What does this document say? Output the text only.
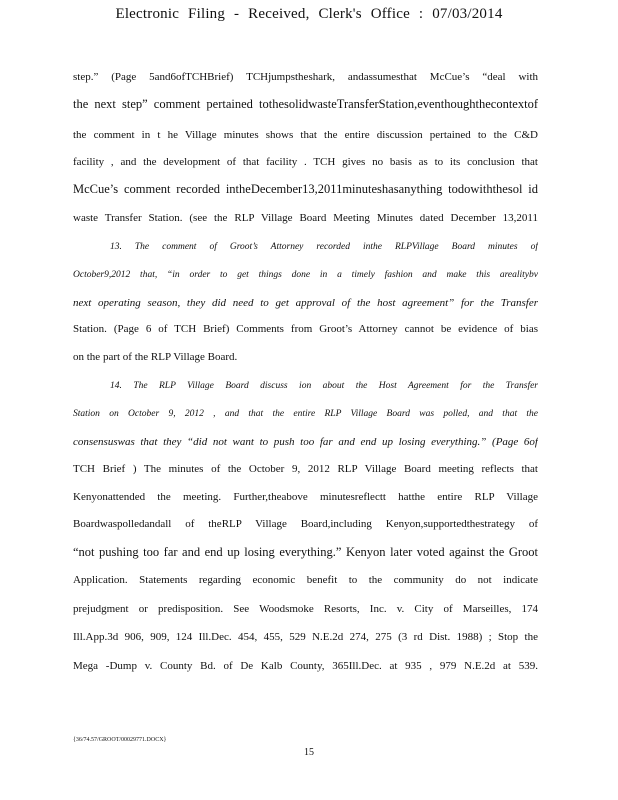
Electronic Filing - Received, Clerk's Office : 07/03/2014
step.” (Page 5and6ofTCHBrief) TCHjumpstheshark, andassumesthat McCue’s “deal with
the next step” comment pertained tothesolidwasteTransferStation,eventhoughthecontextof
the comment in t he Village minutes shows that the entire discussion pertained to the C&D
facility , and the development of that facility . TCH gives no basis as to its conclusion that
McCue’s comment recorded intheDecember13,2011minuteshasanything todowiththesol id
waste Transfer Station. (see the RLP Village Board Meeting Minutes dated December 13,2011
13. The comment of Groot’s Attorney recorded inthe RLPVillage Board minutes of
October9,2012 that, “in order to get things done in a timely fashion and make this arealitybv
next operating season, they did need to get approval of the host agreement” for the Transfer
Station. (Page 6 of TCH Brief) Comments from Groot’s Attorney cannot be evidence of bias
on the part of the RLP Village Board.
14. The RLP Village Board discuss ion about the Host Agreement for the Transfer
Station on October 9, 2012 , and that the entire RLP Village Board was polled, and that the
consensuswas that they “did not want to push too far and end up losing everything.” (Page 6of
TCH Brief ) The minutes of the October 9, 2012 RLP Village Board meeting reflects that
Kenyonattended the meeting. Further,theabove minutesreflectt hatthe entire RLP Village
Boardwaspolledandall of theRLP Village Board,including Kenyon,supportedthestrategy of
“not pushing too far and end up losing everything.” Kenyon later voted against the Groot
Application. Statements regarding economic benefit to the community do not indicate
prejudgment or predisposition. See Woodsmoke Resorts, Inc. v. City of Marseilles, 174
Ill.App.3d 906, 909, 124 Ill.Dec. 454, 455, 529 N.E.2d 274, 275 (3 rd Dist. 1988) ; Stop the
Mega -Dump v. County Bd. of De Kalb County, 365Ill.Dec. at 935 , 979 N.E.2d at 539.
{36/74.57/GROOT/00029771.DOCX}
15
